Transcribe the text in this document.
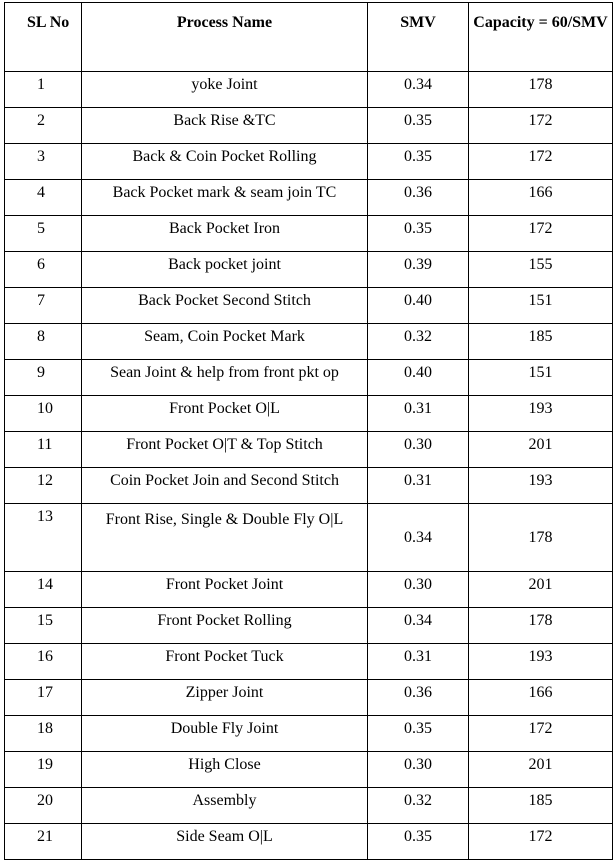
SL No	Process Name	SMV	Capacity = 60/SMV
1	yoke Joint	0.34	178
2	Back Rise &TC	0.35	172
3	Back & Coin Pocket Rolling	0.35	172
4	Back Pocket mark & seam join TC	0.36	166
5	Back Pocket Iron	0.35	172
6	Back pocket joint	0.39	155
7	Back Pocket Second Stitch	0.40	151
8	Seam, Coin Pocket Mark	0.32	185
9	Sean Joint & help from front pkt op	0.40	151
10	Front Pocket O|L	0.31	193
11	Front Pocket O|T & Top Stitch	0.30	201
12	Coin Pocket Join and Second Stitch	0.31	193
13	Front Rise, Single & Double Fly O|L	0.34	178
14	Front Pocket Joint	0.30	201
15	Front Pocket Rolling	0.34	178
16	Front Pocket Tuck	0.31	193
17	Zipper Joint	0.36	166
18	Double Fly Joint	0.35	172
19	High Close	0.30	201
20	Assembly	0.32	185
21	Side Seam O|L	0.35	172
